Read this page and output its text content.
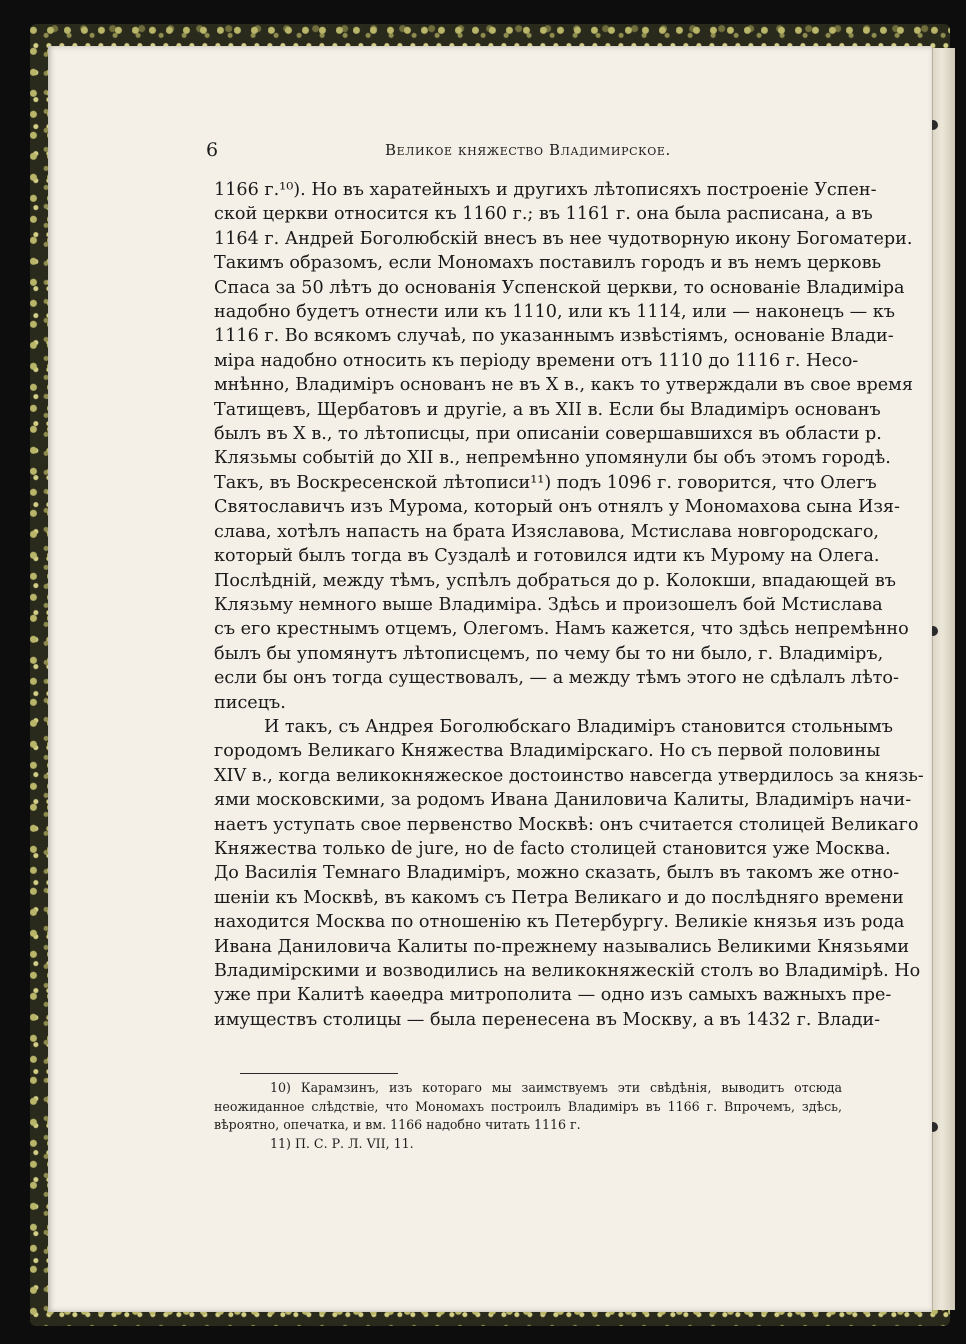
6	Великое княжество Владимирское.
1166 г.¹⁰). Но въ харатейныхъ и другихъ лѣтописяхъ построеніе Успен-
ской церкви относится къ 1160 г.; въ 1161 г. она была расписана, а въ
1164 г. Андрей Боголюбскій внесъ въ нее чудотворную икону Богоматери.
Такимъ образомъ, если Мономахъ поставилъ городъ и въ немъ церковь
Спаса за 50 лѣтъ до основанія Успенской церкви, то основаніе Владиміра
надобно будетъ отнести или къ 1110, или къ 1114, или — наконецъ — къ
1116 г. Во всякомъ случаѣ, по указаннымъ извѣстіямъ, основаніе Влади-
міра надобно относить къ періоду времени отъ 1110 до 1116 г. Несо-
мнѣнно, Владиміръ основанъ не въ X в., какъ то утверждали въ свое время
Татищевъ, Щербатовъ и другіе, а въ XII в. Если бы Владиміръ основанъ
былъ въ X в., то лѣтописцы, при описаніи совершавшихся въ области р.
Клязьмы событій до XII в., непремѣнно упомянули бы объ этомъ городѣ.
Такъ, въ Воскресенской лѣтописи¹¹) подъ 1096 г. говорится, что Олегъ
Святославичъ изъ Мурома, который онъ отнялъ у Мономахова сына Изя-
слава, хотѣлъ напасть на брата Изяславова, Мстислава новгородскаго,
который былъ тогда въ Суздалѣ и готовился идти къ Мурому на Олега.
Послѣдній, между тѣмъ, успѣлъ добраться до р. Колокши, впадающей въ
Клязьму немного выше Владиміра. Здѣсь и произошелъ бой Мстислава
съ его крестнымъ отцемъ, Олегомъ. Намъ кажется, что здѣсь непремѣнно
былъ бы упомянутъ лѣтописцемъ, по чему бы то ни было, г. Владиміръ,
если бы онъ тогда существовалъ, — а между тѣмъ этого не сдѣлалъ лѣто-
писецъ.
И такъ, съ Андрея Боголюбскаго Владиміръ становится стольнымъ
городомъ Великаго Княжества Владимірскаго. Но съ первой половины
XIV в., когда великокняжеское достоинство навсегда утвердилось за князь-
ями московскими, за родомъ Ивана Даниловича Калиты, Владиміръ начи-
наетъ уступать свое первенство Москвѣ: онъ считается столицей Великаго
Княжества только de jure, но de facto столицей становится уже Москва.
До Василія Темнаго Владиміръ, можно сказать, былъ въ такомъ же отно-
шеніи къ Москвѣ, въ какомъ съ Петра Великаго и до послѣдняго времени
находится Москва по отношенію къ Петербургу. Великіе князья изъ рода
Ивана Даниловича Калиты по-прежнему назывались Великими Князьями
Владимірскими и возводились на великокняжескій столъ во Владимірѣ. Но
уже при Калитѣ каѳедра митрополита — одно изъ самыхъ важныхъ пре-
имуществъ столицы — была перенесена въ Москву, а въ 1432 г. Влади-
10) Карамзинъ, изъ котораго мы заимствуемъ эти свѣдѣнія, выводитъ отсюда
неожиданное слѣдствіе, что Мономахъ построилъ Владиміръ въ 1166 г. Впрочемъ, здѣсь,
вѣроятно, опечатка, и вм. 1166 надобно читать 1116 г.
11) П. С. Р. Л. VII, 11.
